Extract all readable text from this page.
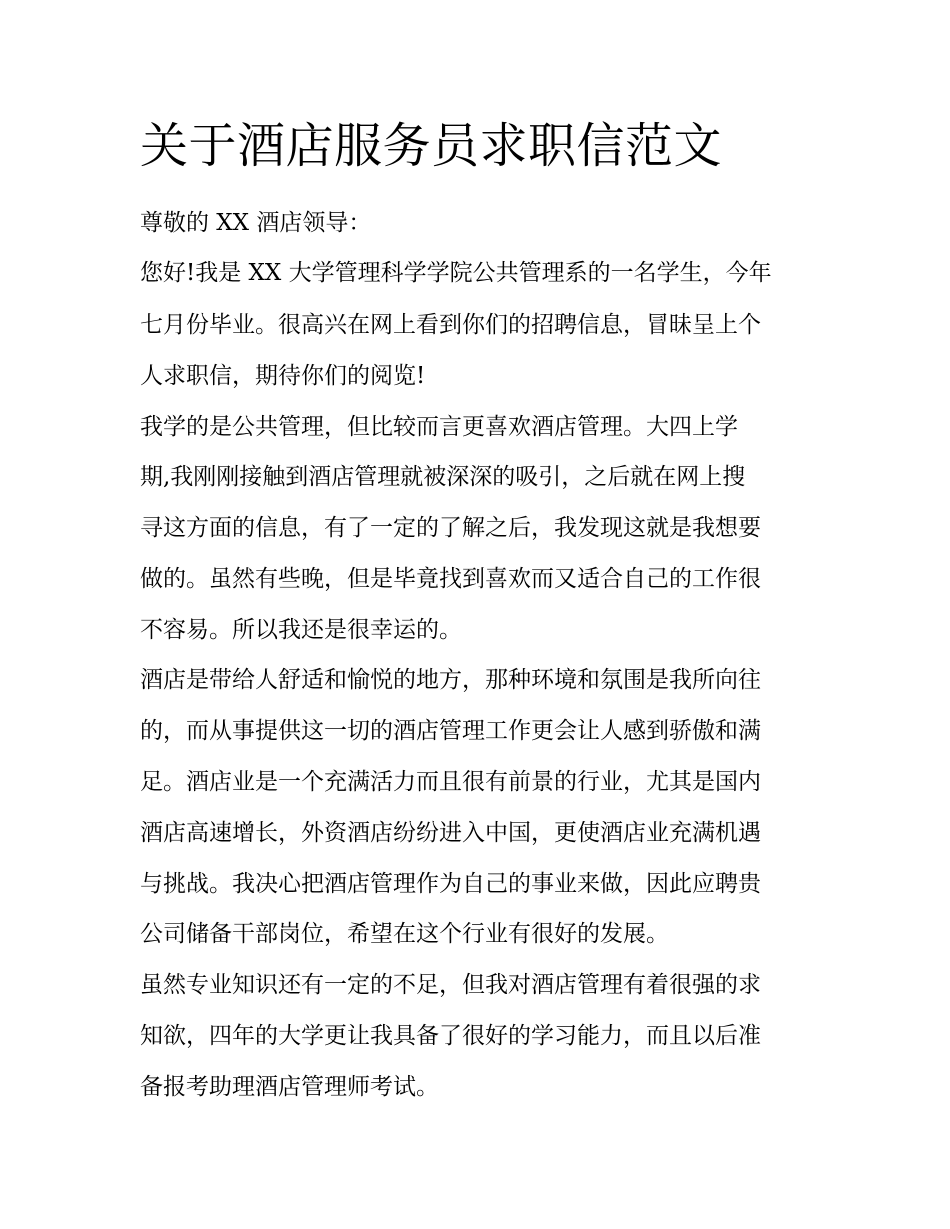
关于酒店服务员求职信范文

尊敬的 XX 酒店领导：

您好!我是 XX 大学管理科学学院公共管理系的一名学生，今年

七月份毕业。很高兴在网上看到你们的招聘信息，冒昧呈上个

人求职信，期待你们的阅览!

我学的是公共管理，但比较而言更喜欢酒店管理。大四上学

期,我刚刚接触到酒店管理就被深深的吸引，之后就在网上搜

寻这方面的信息，有了一定的了解之后，我发现这就是我想要

做的。虽然有些晚，但是毕竟找到喜欢而又适合自己的工作很

不容易。所以我还是很幸运的。

酒店是带给人舒适和愉悦的地方，那种环境和氛围是我所向往

的，而从事提供这一切的酒店管理工作更会让人感到骄傲和满

足。酒店业是一个充满活力而且很有前景的行业，尤其是国内

酒店高速增长，外资酒店纷纷进入中国，更使酒店业充满机遇

与挑战。我决心把酒店管理作为自己的事业来做，因此应聘贵

公司储备干部岗位，希望在这个行业有很好的发展。

虽然专业知识还有一定的不足，但我对酒店管理有着很强的求

知欲，四年的大学更让我具备了很好的学习能力，而且以后准

备报考助理酒店管理师考试。
